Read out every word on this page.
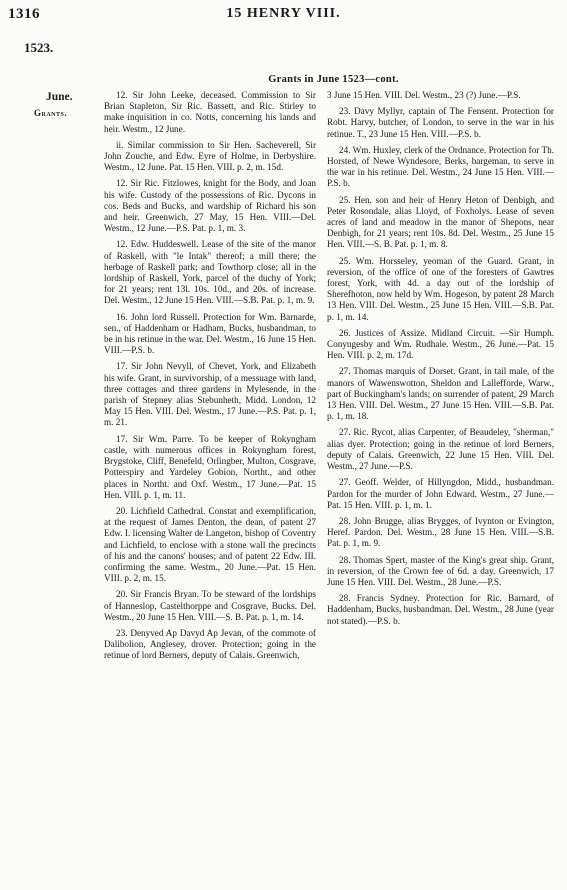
1316	15 HENRY VIII.
1523.
Grants in June 1523—cont.
June.
Grants.

12. Sir John Leeke, deceased. Commission to Sir Brian Stapleton, Sir Ric. Bassett, and Ric. Stirley to make inquisition in co. Notts, concerning his lands and heir. Westm., 12 June.

ii. Similar commission to Sir Hen. Sacheverell, Sir John Zouche, and Edw. Eyre of Holme, in Derbyshire. Westm., 12 June. Pat. 15 Hen. VIII. p. 2, m. 15d.

12. Sir Ric. Fitzlowes, knight for the Body, and Joan his wife. Custody of the possessions of Ric. Dycons in cos. Beds and Bucks, and wardship of Richard his son and heir. Greenwich, 27 May, 15 Hen. VIII.—Del. Westm., 12 June.—P.S. Pat. p. 1, m. 3.

12. Edw. Huddeswell. Lease of the site of the manor of Raskell, with "le Intak" thereof; a mill there; the herbage of Raskell park; and Towthorp close; all in the lordship of Raskell, York, parcel of the duchy of York; for 21 years; rent 13l. 10s. 10d., and 20s. of increase. Del. Westm., 12 June 15 Hen. VIII.—S.B. Pat. p. 1, m. 9.

16. John lord Russell. Protection for Wm. Barnarde, sen., of Haddenham or Hadham, Bucks, husbandman, to be in his retinue in the war. Del. Westm., 16 June 15 Hen. VIII.—P.S. b.

17. Sir John Nevyll, of Chevet, York, and Elizabeth his wife. Grant, in survivorship, of a messuage with land, three cottages and three gardens in Mylesende, in the parish of Stepney alias Stebunheth, Midd. London, 12 May 15 Hen. VIII. Del. Westm., 17 June.—P.S. Pat. p. 1, m. 21.

17. Sir Wm. Parre. To be keeper of Rokyngham castle, with numerous offices in Rokyngham forest, Brygstoke, Cliff, Benefeld, Orlingber, Multon, Cosgrave, Potterspiry and Yardeley Gobion, Northt., and other places in Northt. and Oxf. Westm., 17 June.—Pat. 15 Hen. VIII. p. 1, m. 11.

20. Lichfield Cathedral. Constat and exemplification, at the request of James Denton, the dean, of patent 27 Edw. I. licensing Walter de Langeton, bishop of Coventry and Lichfield, to enclose with a stone wall the precincts of his and the canons' houses; and of patent 22 Edw. III. confirming the same. Westm., 20 June.—Pat. 15 Hen. VIII. p. 2, m. 15.

20. Sir Francis Bryan. To be steward of the lordships of Hanneslop, Castelthorppe and Cosgrave, Bucks. Del. Westm., 20 June 15 Hen. VIII.—S. B. Pat. p. 1, m. 14.

23. Denyved Ap Davyd Ap Jevan, of the commote of Dalibolion, Anglesey, drover. Protection; going in the retinue of lord Berners, deputy of Calais. Greenwich,

3 June 15 Hen. VIII. Del. Westm., 23 (?) June.—P.S.

23. Davy Myllyr, captain of The Fensent. Protection for Robt. Harvy, butcher, of London, to serve in the war in his retinue. T., 23 June 15 Hen. VIII.—P.S. b.

24. Wm. Huxley, clerk of the Ordnance. Protection for Th. Horsted, of Newe Wyndesore, Berks, bargeman, to serve in the war in his retinue. Del. Westm., 24 June 15 Hen. VIII.—P.S. b.

25. Hen. son and heir of Henry Heton of Denbigh, and Peter Rosondale, alias Lloyd, of Foxholys. Lease of seven acres of land and meadow in the manor of Shepons, near Denbigh, for 21 years; rent 10s. 8d. Del. Westm., 25 June 15 Hen. VIII.—S. B. Pat. p. 1, m. 8.

25. Wm. Horsseley, yeoman of the Guard. Grant, in reversion, of the office of one of the foresters of Gawtres forest, York, with 4d. a day out of the lordship of Sherefhoton, now held by Wm. Hogeson, by patent 28 March 13 Hen. VIII. Del. Westm., 25 June 15 Hen. VIII.—S.B. Pat. p. 1, m. 14.

26. Justices of Assize. Midland Circuit. —Sir Humph. Conyngesby and Wm. Rudhale. Westm., 26 June.—Pat. 15 Hen. VIII. p. 2, m. 17d.

27. Thomas marquis of Dorset. Grant, in tail male, of the manors of Wawenswotton, Sheldon and Lallefforde, Warw., part of Buckingham's lands; on surrender of patent, 29 March 13 Hen. VIII. Del. Westm., 27 June 15 Hen. VIII.—S.B. Pat. p. 1, m. 18.

27. Ric. Rycot, alias Carpenter, of Beaudeley, "sherman," alias dyer. Protection; going in the retinue of lord Berners, deputy of Calais. Greenwich, 22 June 15 Hen. VIII. Del. Westm., 27 June.—P.S.

27. Geoff. Welder, of Hillyngdon, Midd., husbandman. Pardon for the murder of John Edward. Westm., 27 June.—Pat. 15 Hen. VIII. p. 1, m. 1.

28. John Brugge, alias Brygges, of Ivynton or Evington, Heref. Pardon. Del. Westm., 28 June 15 Hen. VIII.—S.B. Pat. p. 1, m. 9.

28. Thomas Spert, master of the King's great ship. Grant, in reversion, of the Crown fee of 6d. a day. Greenwich, 17 June 15 Hen. VIII. Del. Westm., 28 June.—P.S.

28. Francis Sydney. Protection for Ric. Barnard, of Haddenham, Bucks, husbandman. Del. Westm., 28 June (year not stated).—P.S. b.
